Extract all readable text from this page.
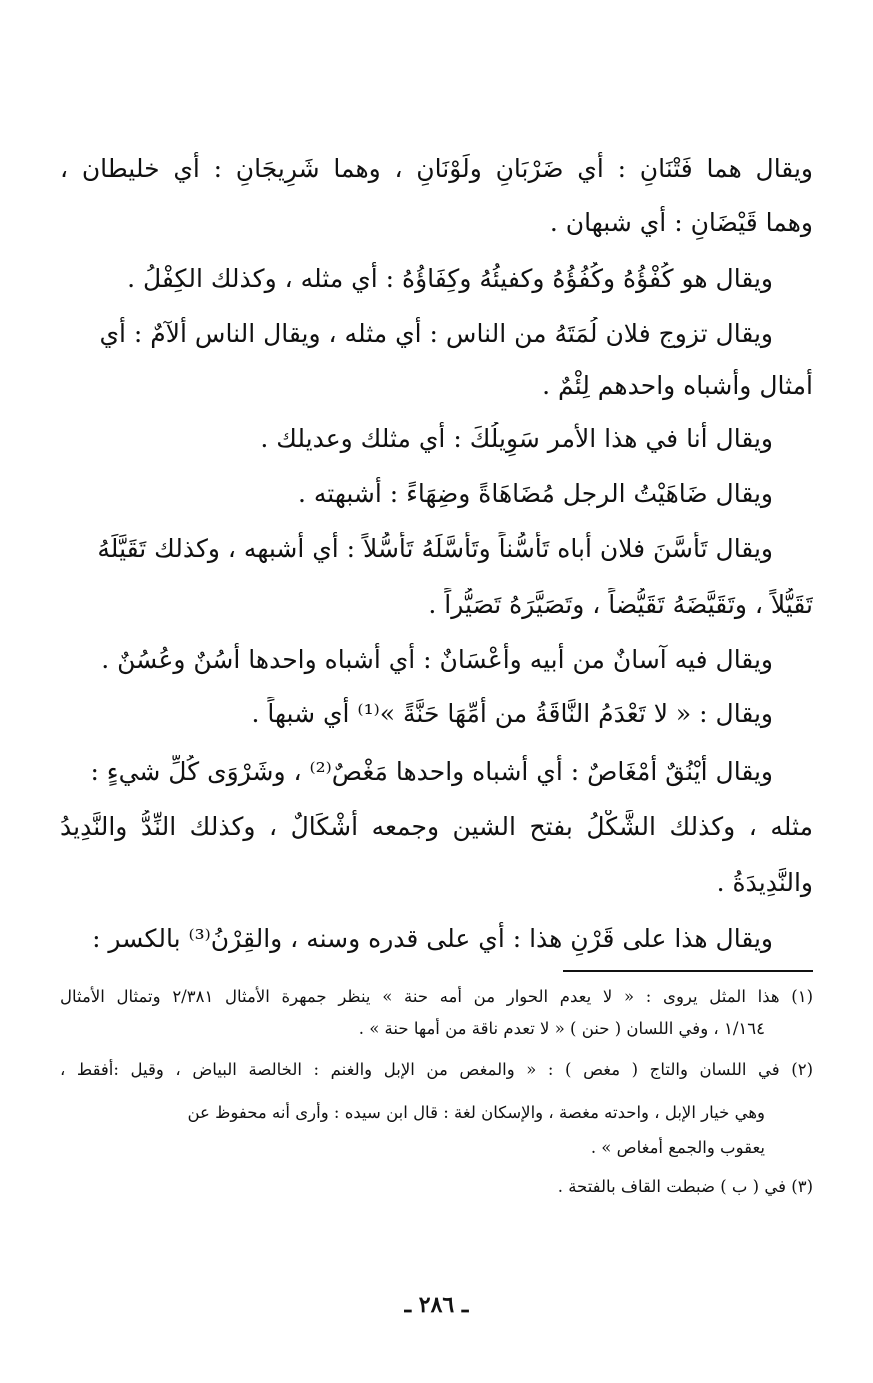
ويقال هما فَتْنَانِ : أي ضَرْبَانِ ولَوْنَانِ ، وهما شَرِيجَانِ : أي خليطان ،
وهما قَيْضَانِ : أي شبهان .
ويقال هو كُفْؤُهُ وكُفُؤُهُ وكفيئُهُ وكِفَاؤُهُ : أي مثله ، وكذلك الكِفْلُ .
ويقال تزوج فلان لُمَتَهُ من الناس : أي مثله ، ويقال الناس أَلآمٌ : أي
أمثال وأشباه واحدهم لِئْمٌ .
ويقال أنا في هذا الأمر سَوِيلُكَ : أي مثلك وعديلك .
ويقال ضَاهَيْتُ الرجل مُضَاهَاةً وضِهَاءً : أشبهته .
ويقال تَأَسَّنَ فلان أباه تَأَسُّناً وتَأَسَّلَهُ تَأَسُّلاً : أي أشبهه ، وكذلك تَقَيَّلَهُ
تَقَيُّلاً ، وتَقَيَّضَهُ تَقَيُّضاً ، وتَصَيَّرَهُ تَصَيُّراً .
ويقال فيه آسانٌ من أبيه وأَعْسَانٌ : أي أشباه واحدها أُسُنٌ وعُسُنٌ .
ويقال : « لا تَعْدَمُ النَّاقَةُ من أُمِّهَا حَنَّةً »⁽¹⁾ أي شبهاً .
ويقال أَيْنُقٌ أَمْغَاصٌ : أي أشباه واحدها مَغْصٌ⁽²⁾ ، وشَرْوَى كُلِّ شيءٍ :
مثله ، وكذلك الشَّكْلُ بفتح الشين وجمعه أَشْكَالٌ ، وكذلك النِّدُّ والنَّدِيدُ
والنَّدِيدَةُ .
ويقال هذا على قَرْنِ هذا : أي على قدره وسنه ، والقِرْنُ⁽³⁾ بالكسر :
(١) هذا المثل يروى : « لا يعدم الحوار من أمه حنة » ينظر جمهرة الأمثال ٢/٣٨١ وتمثال الأمثال
١/١٦٤ ، وفي اللسان ( حنن ) « لا تعدم ناقة من أمها حنة » .
(٢) في اللسان والتاج ( مغص ) : « والمغص من الإبل والغنم : الخالصة البياض ، وقيل :أفقط ،
وهي خيار الإبل ، واحدته مغصة ، والإسكان لغة : قال ابن سيده : وأرى أنه محفوظ عن
يعقوب والجمع أمغاص » .
(٣) في ( ب ) ضبطت القاف بالفتحة .
ـ ٢٨٦ ـ
